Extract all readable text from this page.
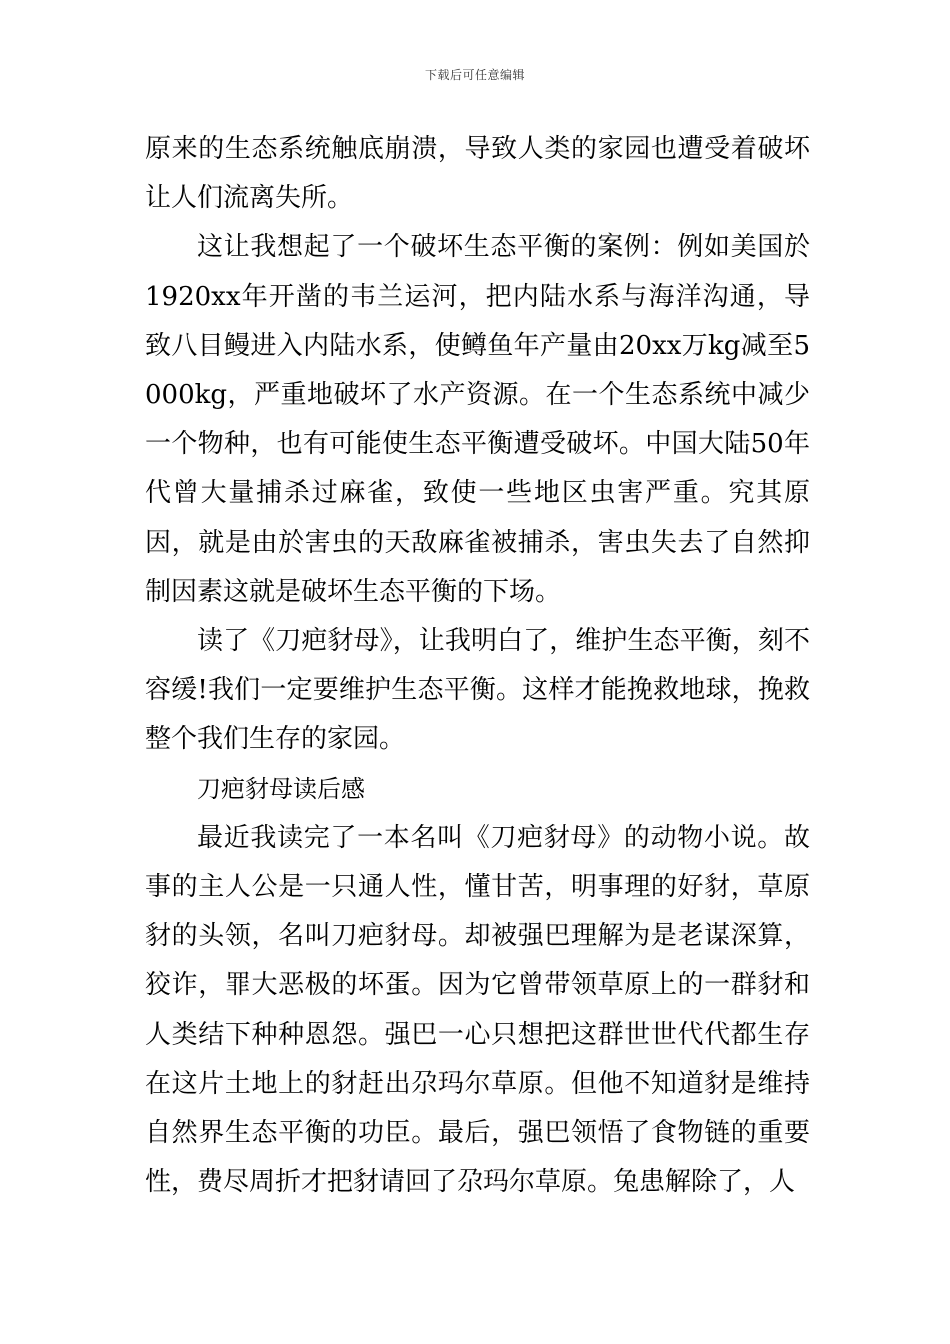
下载后可任意编辑

原来的生态系统触底崩溃，导致人类的家园也遭受着破坏让人们流离失所。

这让我想起了一个破坏生态平衡的案例：例如美国於1920xx年开凿的韦兰运河，把内陆水系与海洋沟通，导致八目鳗进入内陆水系，使鳟鱼年产量由20xx万kg减至5000kg，严重地破坏了水产资源。在一个生态系统中减少一个物种，也有可能使生态平衡遭受破坏。中国大陆50年代曾大量捕杀过麻雀，致使一些地区虫害严重。究其原因，就是由於害虫的天敌麻雀被捕杀，害虫失去了自然抑制因素这就是破坏生态平衡的下场。

读了《刀疤豺母》，让我明白了，维护生态平衡，刻不容缓!我们一定要维护生态平衡。这样才能挽救地球，挽救整个我们生存的家园。

刀疤豺母读后感

最近我读完了一本名叫《刀疤豺母》的动物小说。故事的主人公是一只通人性，懂甘苦，明事理的好豺，草原豺的头领，名叫刀疤豺母。却被强巴理解为是老谋深算，狡诈，罪大恶极的坏蛋。因为它曾带领草原上的一群豺和人类结下种种恩怨。强巴一心只想把这群世世代代都生存在这片土地上的豺赶出尕玛尔草原。但他不知道豺是维持自然界生态平衡的功臣。最后，强巴领悟了食物链的重要性，费尽周折才把豺请回了尕玛尔草原。兔患解除了，人
